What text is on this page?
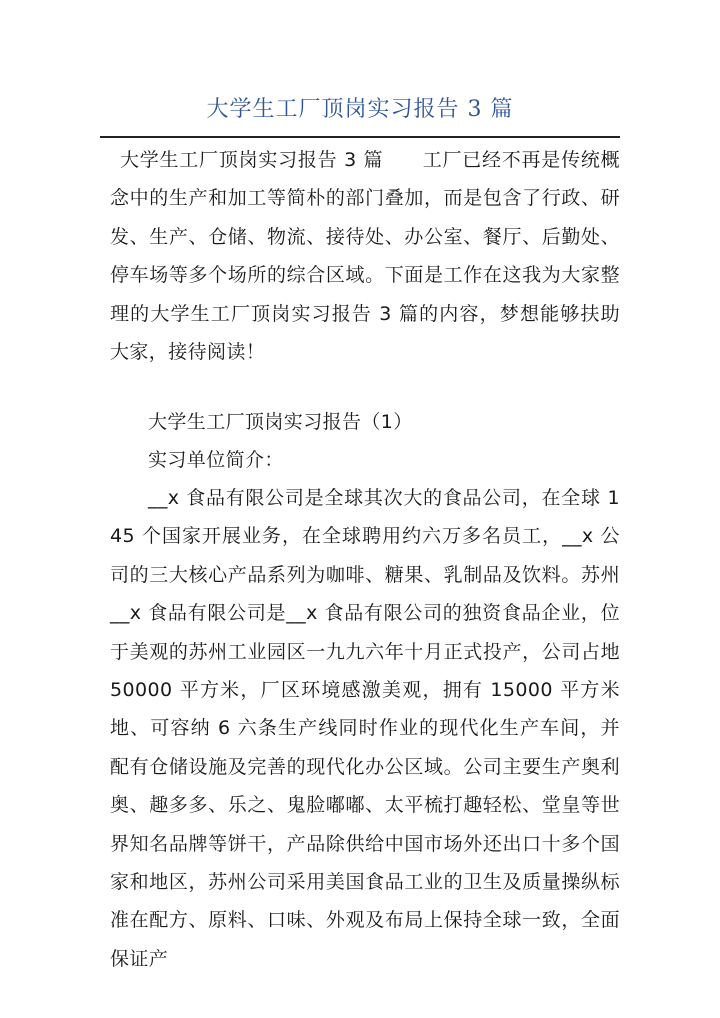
大学生工厂顶岗实习报告 3 篇

大学生工厂顶岗实习报告 3 篇　　工厂已经不再是传统概念中的生产和加工等简朴的部门叠加，而是包含了行政、研发、生产、仓储、物流、接待处、办公室、餐厅、后勤处、停车场等多个场所的综合区域。下面是工作在这我为大家整理的大学生工厂顶岗实习报告 3 篇的内容，梦想能够扶助大家，接待阅读！

大学生工厂顶岗实习报告（1）

实习单位简介：

__x 食品有限公司是全球其次大的食品公司，在全球 145 个国家开展业务，在全球聘用约六万多名员工，__x 公司的三大核心产品系列为咖啡、糖果、乳制品及饮料。苏州 __x 食品有限公司是__x 食品有限公司的独资食品企业，位于美观的苏州工业园区一九九六年十月正式投产，公司占地 50000 平方米，厂区环境感激美观，拥有 15000 平方米地、可容纳 6 六条生产线同时作业的现代化生产车间，并配有仓储设施及完善的现代化办公区域。公司主要生产奥利奥、趣多多、乐之、鬼脸嘟嘟、太平梳打趣轻松、堂皇等世界知名品牌等饼干，产品除供给中国市场外还出口十多个国家和地区，苏州公司采用美国食品工业的卫生及质量操纵标准在配方、原料、口味、外观及布局上保持全球一致，全面保证产
